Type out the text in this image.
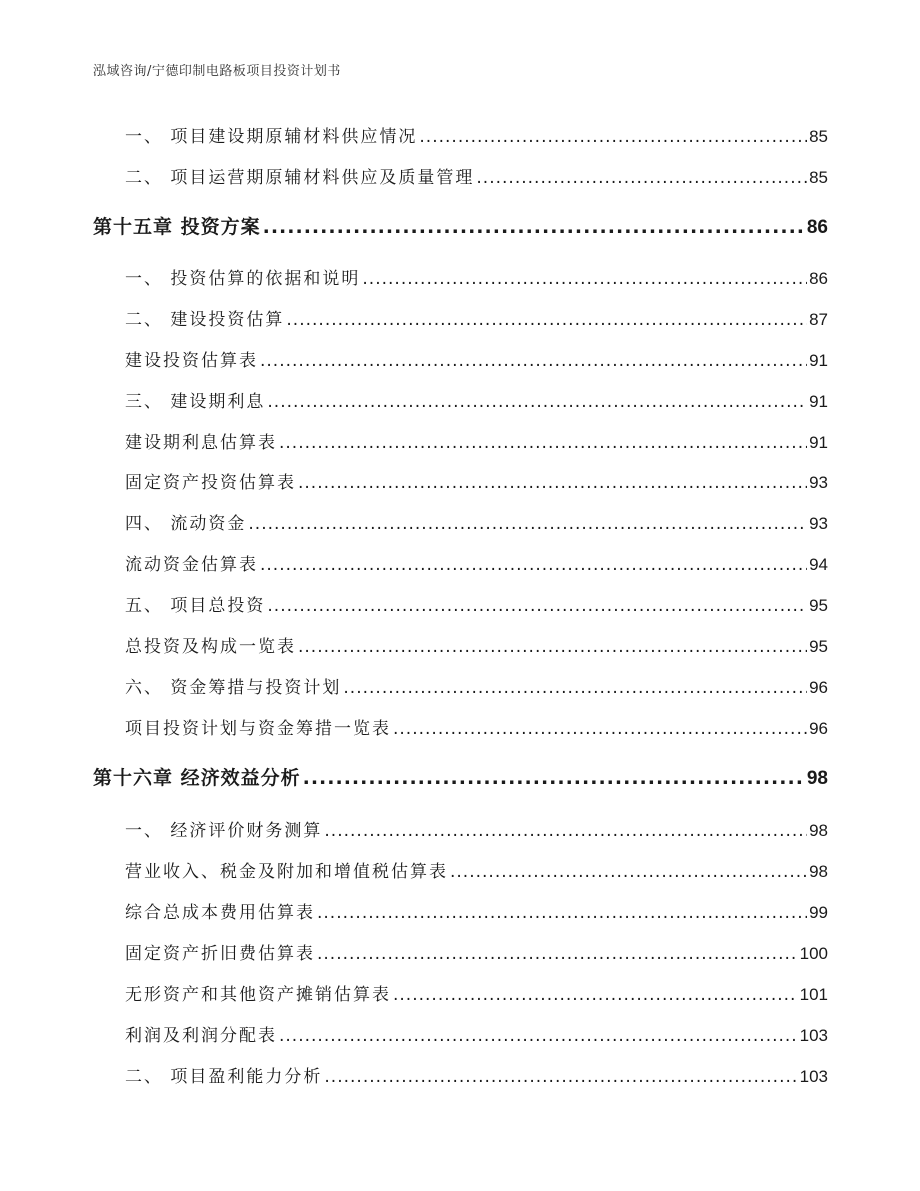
泓域咨询/宁德印制电路板项目投资计划书
一、 项目建设期原辅材料供应情况 .....	85
二、 项目运营期原辅材料供应及质量管理 .....	85
第十五章 投资方案 .....	86
一、 投资估算的依据和说明 .....	86
二、 建设投资估算 .....	87
建设投资估算表 .....	91
三、 建设期利息 .....	91
建设期利息估算表 .....	91
固定资产投资估算表 .....	93
四、 流动资金 .....	93
流动资金估算表 .....	94
五、 项目总投资 .....	95
总投资及构成一览表 .....	95
六、 资金筹措与投资计划 .....	96
项目投资计划与资金筹措一览表 .....	96
第十六章 经济效益分析 .....	98
一、 经济评价财务测算 .....	98
营业收入、税金及附加和增值税估算表 .....	98
综合总成本费用估算表 .....	99
固定资产折旧费估算表 .....	100
无形资产和其他资产摊销估算表 .....	101
利润及利润分配表 .....	103
二、 项目盈利能力分析 .....	103
